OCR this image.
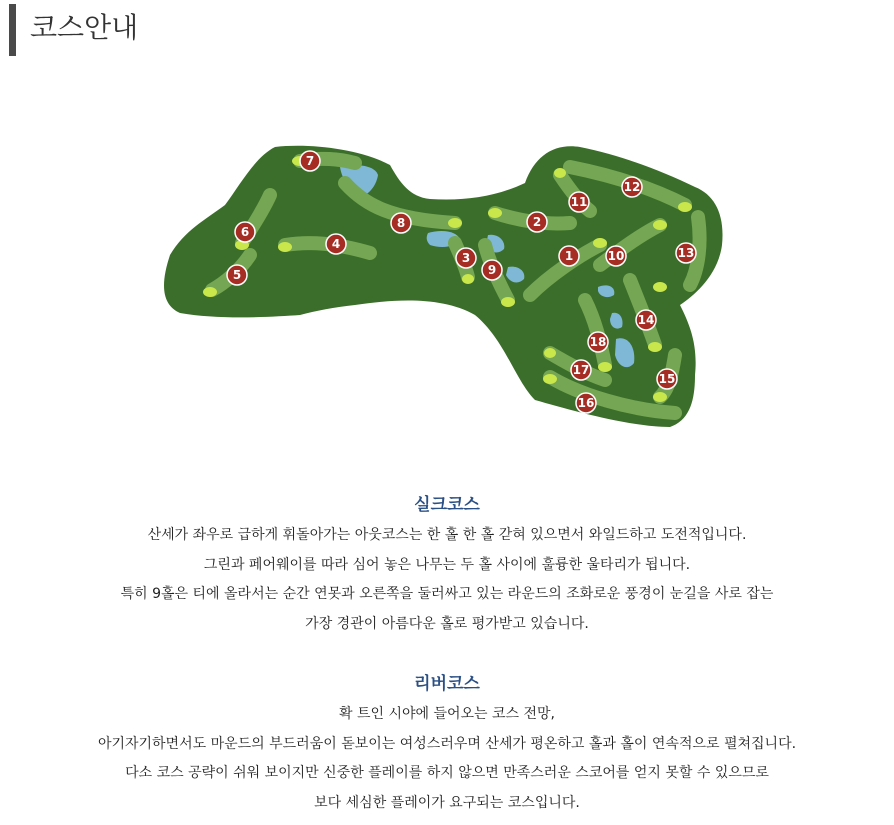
코스안내
7
6
5
4
8
3
9
2
1
11
12
10	13
14
18
17
15
16
실크코스

산세가 좌우로 급하게 휘돌아가는 아웃코스는 한 홀 한 홀 갇혀 있으면서 와일드하고 도전적입니다.

그린과 페어웨이를 따라 심어 놓은 나무는 두 홀 사이에 훌륭한 울타리가 됩니다.

특히 9홀은 티에 올라서는 순간 연못과 오른쪽을 둘러싸고 있는 라운드의 조화로운 풍경이 눈길을 사로 잡는

가장 경관이 아름다운 홀로 평가받고 있습니다.

리버코스

확 트인 시야에 들어오는 코스 전망,

아기자기하면서도 마운드의 부드러움이 돋보이는 여성스러우며 산세가 평온하고 홀과 홀이 연속적으로 펼쳐집니다.

다소 코스 공략이 쉬워 보이지만 신중한 플레이를 하지 않으면 만족스러운 스코어를 얻지 못할 수 있으므로

보다 세심한 플레이가 요구되는 코스입니다.
